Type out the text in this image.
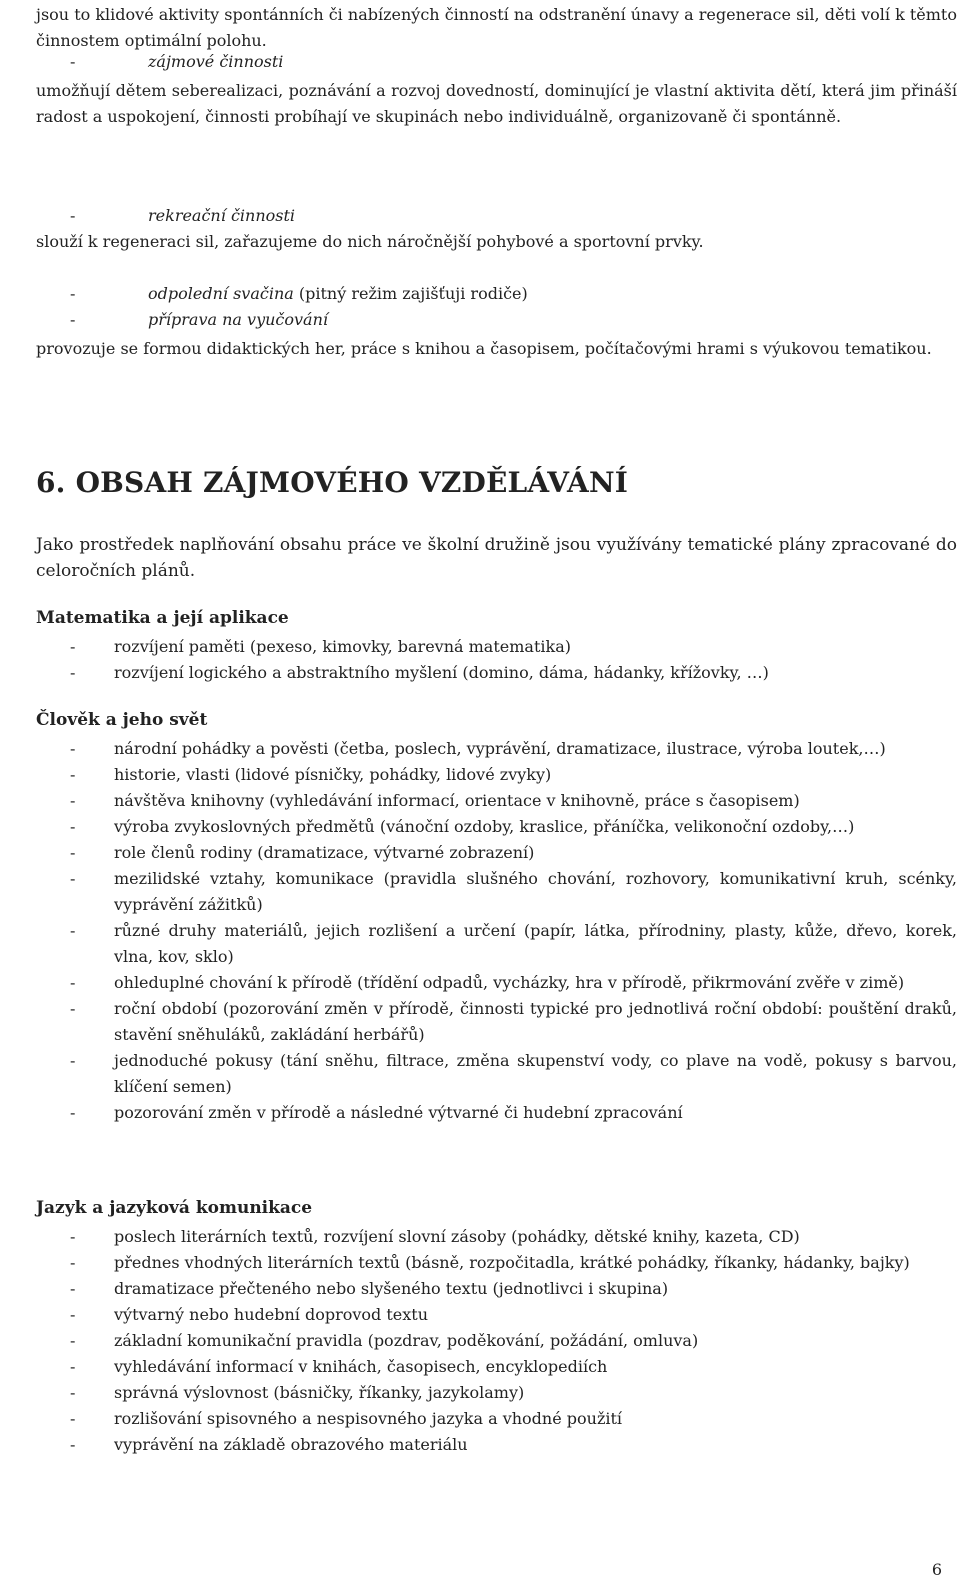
jsou to klidové aktivity spontánních či nabízených činností na odstranění únavy a regenerace sil, děti volí k těmto činnostem optimální polohu.

-	zájmové činnosti

umožňují dětem seberealizaci, poznávání a rozvoj dovedností, dominující je vlastní aktivita dětí, která jim přináší radost a uspokojení, činnosti probíhají ve skupinách nebo individuálně, organizovaně či spontánně.

-	rekreační činnosti
slouží k regeneraci sil, zařazujeme do nich náročnější pohybové a sportovní prvky.
-	odpolední svačina (pitný režim zajišťuji rodiče)
-	příprava na vyučování

provozuje se formou didaktických her, práce s knihou a časopisem, počítačovými hrami s výukovou tematikou.

6. OBSAH ZÁJMOVÉHO VZDĚLÁVÁNÍ

Jako prostředek naplňování obsahu práce ve školní družině jsou využívány tematické plány zpracované do celoročních plánů.

Matematika a její aplikace
- rozvíjení paměti (pexeso, kimovky, barevná matematika)
- rozvíjení logického a abstraktního myšlení (domino, dáma, hádanky, křížovky, …)
Člověk a jeho svět
- národní pohádky a pověsti (četba, poslech, vyprávění, dramatizace, ilustrace, výroba loutek,…)
- historie, vlasti (lidové písničky, pohádky, lidové zvyky)
- návštěva knihovny (vyhledávání informací, orientace v knihovně, práce s časopisem)
- výroba zvykoslovných předmětů (vánoční ozdoby, kraslice, přáníčka, velikonoční ozdoby,…)
- role členů rodiny (dramatizace, výtvarné zobrazení)
- mezilidské vztahy, komunikace (pravidla slušného chování, rozhovory, komunikativní kruh, scénky, vyprávění zážitků)
- různé druhy materiálů, jejich rozlišení a určení (papír, látka, přírodniny, plasty, kůže, dřevo, korek, vlna, kov, sklo)
- ohleduplné chování k přírodě (třídění odpadů, vycházky, hra v přírodě, přikrmování zvěře v zimě)
- roční období (pozorování změn v přírodě, činnosti typické pro jednotlivá roční období: pouštění draků, stavění sněhuláků, zakládání herbářů)
- jednoduché pokusy (tání sněhu, filtrace, změna skupenství vody, co plave na vodě, pokusy s barvou, klíčení semen)
- pozorování změn v přírodě a následné výtvarné či hudební zpracování
Jazyk a jazyková komunikace
- poslech literárních textů, rozvíjení slovní zásoby (pohádky, dětské knihy, kazeta, CD)
- přednes vhodných literárních textů (básně, rozpočitadla, krátké pohádky, říkanky, hádanky, bajky)
- dramatizace přečteného nebo slyšeného textu (jednotlivci i skupina)
- výtvarný nebo hudební doprovod textu
- základní komunikační pravidla (pozdrav, poděkování, požádání, omluva)
- vyhledávání informací v knihách, časopisech, encyklopediích
- správná výslovnost (básničky, říkanky, jazykolamy)
- rozlišování spisovného a nespisovného jazyka a vhodné použití
- vyprávění na základě obrazového materiálu
6
